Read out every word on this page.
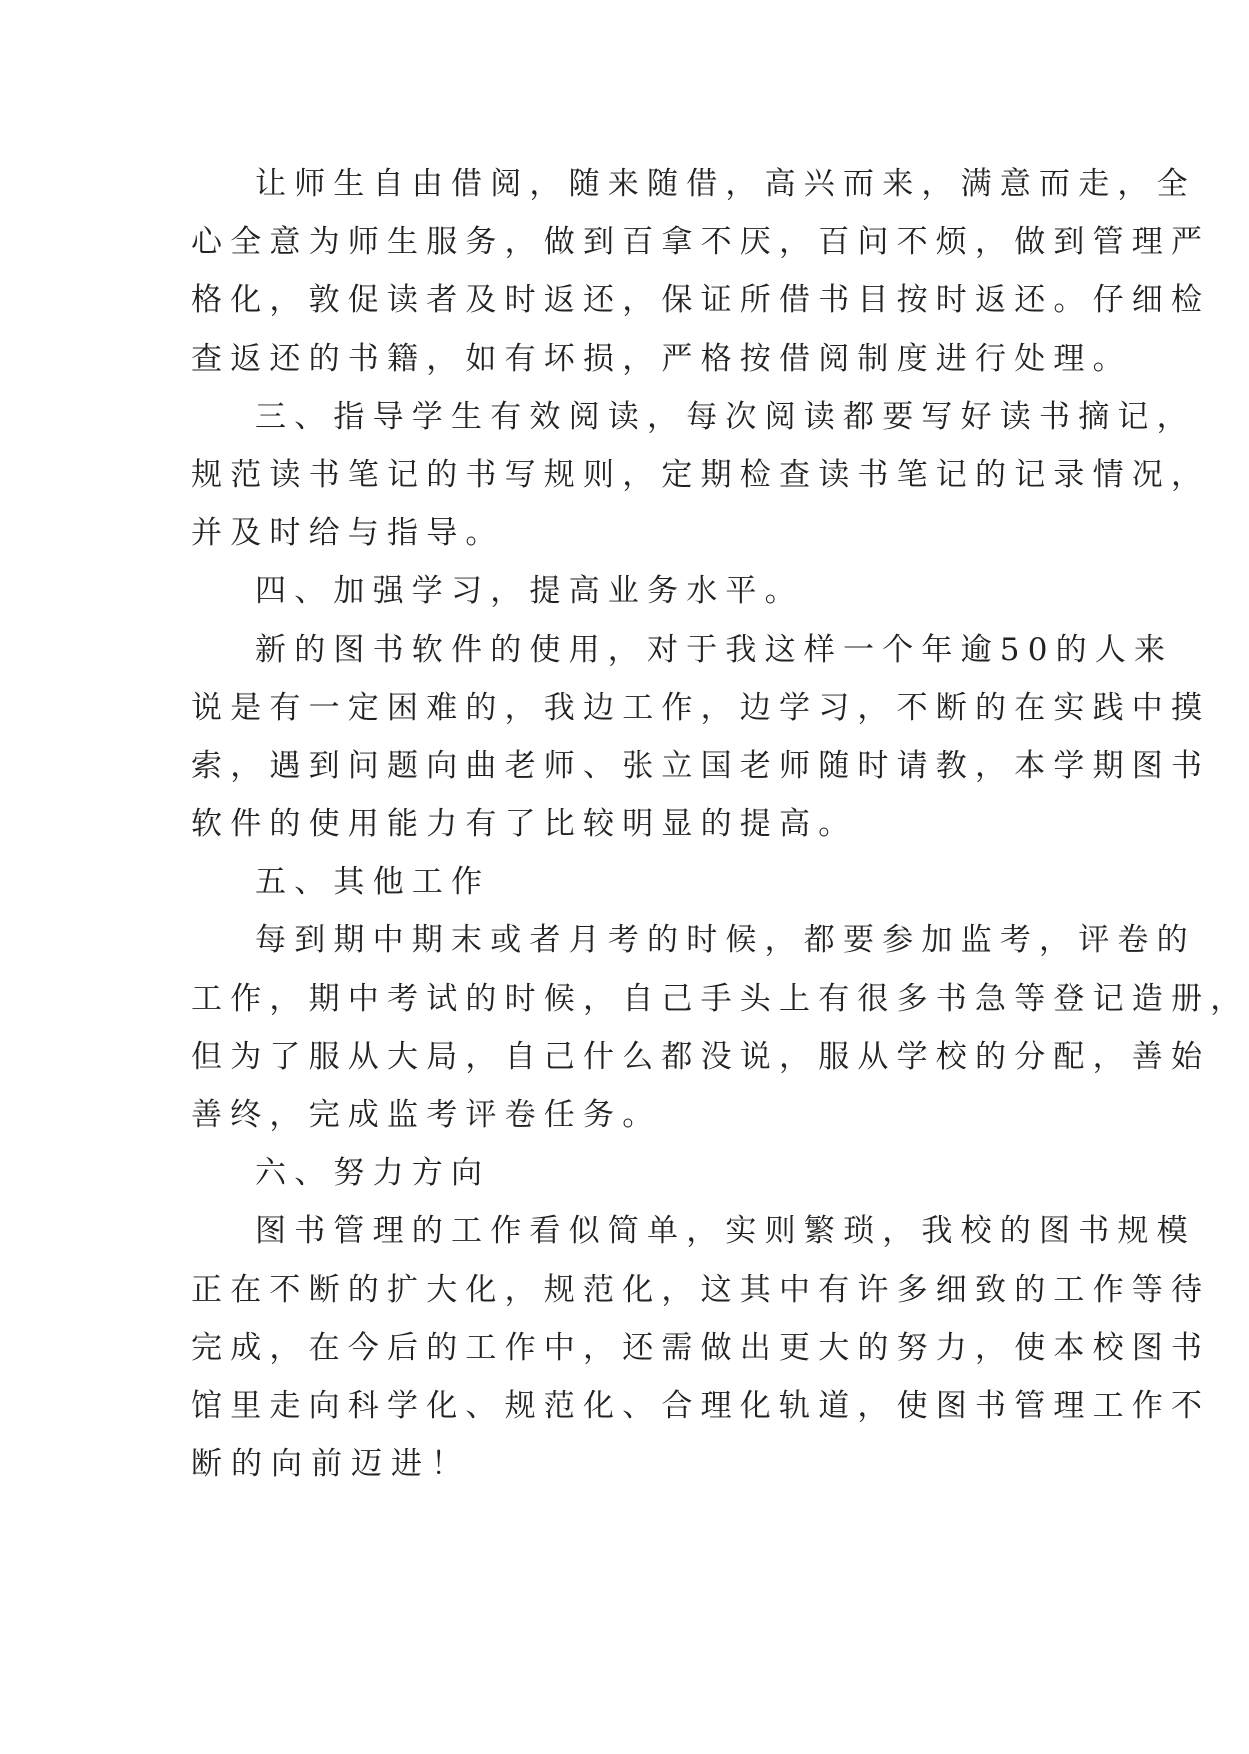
让师生自由借阅，随来随借，高兴而来，满意而走，全
心全意为师生服务，做到百拿不厌，百问不烦，做到管理严
格化，敦促读者及时返还，保证所借书目按时返还。仔细检
查返还的书籍，如有坏损，严格按借阅制度进行处理。
三、指导学生有效阅读，每次阅读都要写好读书摘记，
规范读书笔记的书写规则，定期检查读书笔记的记录情况，
并及时给与指导。
四、加强学习，提高业务水平。
新的图书软件的使用，对于我这样一个年逾50的人来
说是有一定困难的，我边工作，边学习，不断的在实践中摸
索，遇到问题向曲老师、张立国老师随时请教，本学期图书
软件的使用能力有了比较明显的提高。
五、其他工作
每到期中期末或者月考的时候，都要参加监考，评卷的
工作，期中考试的时候，自己手头上有很多书急等登记造册，
但为了服从大局，自己什么都没说，服从学校的分配，善始
善终，完成监考评卷任务。
六、努力方向
图书管理的工作看似简单，实则繁琐，我校的图书规模
正在不断的扩大化，规范化，这其中有许多细致的工作等待
完成，在今后的工作中，还需做出更大的努力，使本校图书
馆里走向科学化、规范化、合理化轨道，使图书管理工作不
断的向前迈进！
